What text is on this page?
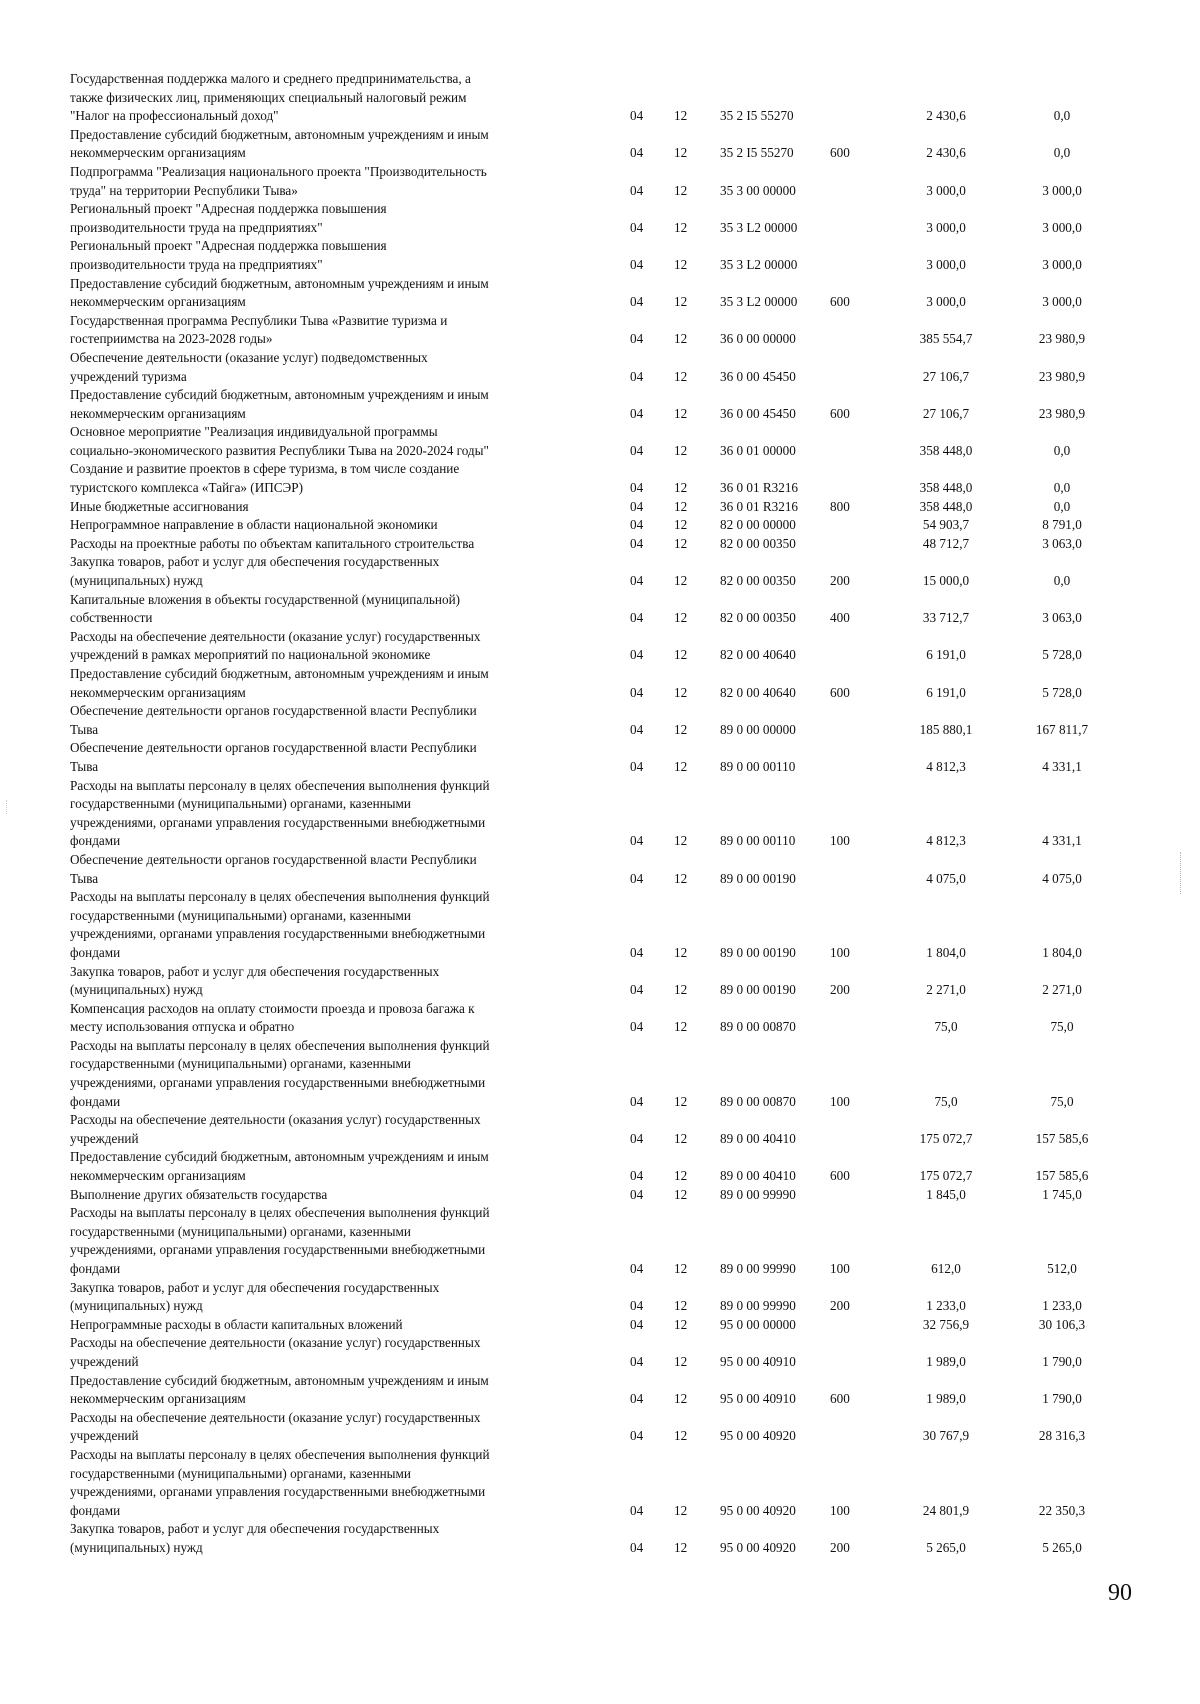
Государственная поддержка малого и среднего предпринимательства, а
также физических лиц, применяющих специальный налоговый режим
"Налог на профессиональный доход"	04	12	35 2 I5 55270		2 430,6	0,0
Предоставление субсидий бюджетным, автономным учреждениям и иным
некоммерческим организациям	04	12	35 2 I5 55270	600	2 430,6	0,0
Подпрограмма "Реализация национального проекта "Производительность
труда" на территории Республики Тыва»	04	12	35 3 00 00000		3 000,0	3 000,0
Региональный проект "Адресная поддержка повышения
производительности труда на предприятиях"	04	12	35 3 L2 00000		3 000,0	3 000,0
Региональный проект "Адресная поддержка повышения
производительности труда на предприятиях"	04	12	35 3 L2 00000		3 000,0	3 000,0
Предоставление субсидий бюджетным, автономным учреждениям и иным
некоммерческим организациям	04	12	35 3 L2 00000	600	3 000,0	3 000,0
Государственная программа Республики Тыва «Развитие туризма и
гостеприимства на 2023-2028 годы»	04	12	36 0 00 00000		385 554,7	23 980,9
Обеспечение деятельности (оказание услуг) подведомственных
учреждений туризма	04	12	36 0 00 45450		27 106,7	23 980,9
Предоставление субсидий бюджетным, автономным учреждениям и иным
некоммерческим организациям	04	12	36 0 00 45450	600	27 106,7	23 980,9
Основное мероприятие "Реализация индивидуальной программы
социально-экономического развития Республики Тыва на 2020-2024 годы"	04	12	36 0 01 00000		358 448,0	0,0
Создание и развитие проектов в сфере туризма, в том числе создание
туристского комплекса «Тайга» (ИПСЭР)	04	12	36 0 01 R3216		358 448,0	0,0
Иные бюджетные ассигнования	04	12	36 0 01 R3216	800	358 448,0	0,0
Непрограммное направление в области национальной экономики	04	12	82 0 00 00000		54 903,7	8 791,0
Расходы на проектные работы по объектам капитального строительства	04	12	82 0 00 00350		48 712,7	3 063,0
Закупка товаров, работ и услуг для обеспечения государственных
(муниципальных) нужд	04	12	82 0 00 00350	200	15 000,0	0,0
Капитальные вложения в объекты государственной (муниципальной)
собственности	04	12	82 0 00 00350	400	33 712,7	3 063,0
Расходы на обеспечение деятельности (оказание услуг) государственных
учреждений в рамках мероприятий по национальной экономике	04	12	82 0 00 40640		6 191,0	5 728,0
Предоставление субсидий бюджетным, автономным учреждениям и иным
некоммерческим организациям	04	12	82 0 00 40640	600	6 191,0	5 728,0
Обеспечение деятельности органов государственной власти Республики
Тыва	04	12	89 0 00 00000		185 880,1	167 811,7
Обеспечение деятельности органов государственной власти Республики
Тыва	04	12	89 0 00 00110		4 812,3	4 331,1
Расходы на выплаты персоналу в целях обеспечения выполнения функций
государственными (муниципальными) органами, казенными
учреждениями, органами управления государственными внебюджетными
фондами	04	12	89 0 00 00110	100	4 812,3	4 331,1
Обеспечение деятельности органов государственной власти Республики
Тыва	04	12	89 0 00 00190		4 075,0	4 075,0
Расходы на выплаты персоналу в целях обеспечения выполнения функций
государственными (муниципальными) органами, казенными
учреждениями, органами управления государственными внебюджетными
фондами	04	12	89 0 00 00190	100	1 804,0	1 804,0
Закупка товаров, работ и услуг для обеспечения государственных
(муниципальных) нужд	04	12	89 0 00 00190	200	2 271,0	2 271,0
Компенсация расходов на оплату стоимости проезда и провоза багажа к
месту использования отпуска и обратно	04	12	89 0 00 00870		75,0	75,0
Расходы на выплаты персоналу в целях обеспечения выполнения функций
государственными (муниципальными) органами, казенными
учреждениями, органами управления государственными внебюджетными
фондами	04	12	89 0 00 00870	100	75,0	75,0
Расходы на обеспечение деятельности (оказания услуг) государственных
учреждений	04	12	89 0 00 40410		175 072,7	157 585,6
Предоставление субсидий бюджетным, автономным учреждениям и иным
некоммерческим организациям	04	12	89 0 00 40410	600	175 072,7	157 585,6
Выполнение других обязательств государства	04	12	89 0 00 99990		1 845,0	1 745,0
Расходы на выплаты персоналу в целях обеспечения выполнения функций
государственными (муниципальными) органами, казенными
учреждениями, органами управления государственными внебюджетными
фондами	04	12	89 0 00 99990	100	612,0	512,0
Закупка товаров, работ и услуг для обеспечения государственных
(муниципальных) нужд	04	12	89 0 00 99990	200	1 233,0	1 233,0
Непрограммные расходы в области капитальных вложений	04	12	95 0 00 00000		32 756,9	30 106,3
Расходы на обеспечение деятельности (оказание услуг) государственных
учреждений	04	12	95 0 00 40910		1 989,0	1 790,0
Предоставление субсидий бюджетным, автономным учреждениям и иным
некоммерческим организациям	04	12	95 0 00 40910	600	1 989,0	1 790,0
Расходы на обеспечение деятельности (оказание услуг) государственных
учреждений	04	12	95 0 00 40920		30 767,9	28 316,3
Расходы на выплаты персоналу в целях обеспечения выполнения функций
государственными (муниципальными) органами, казенными
учреждениями, органами управления государственными внебюджетными
фондами	04	12	95 0 00 40920	100	24 801,9	22 350,3
Закупка товаров, работ и услуг для обеспечения государственных
(муниципальных) нужд	04	12	95 0 00 40920	200	5 265,0	5 265,0
90
